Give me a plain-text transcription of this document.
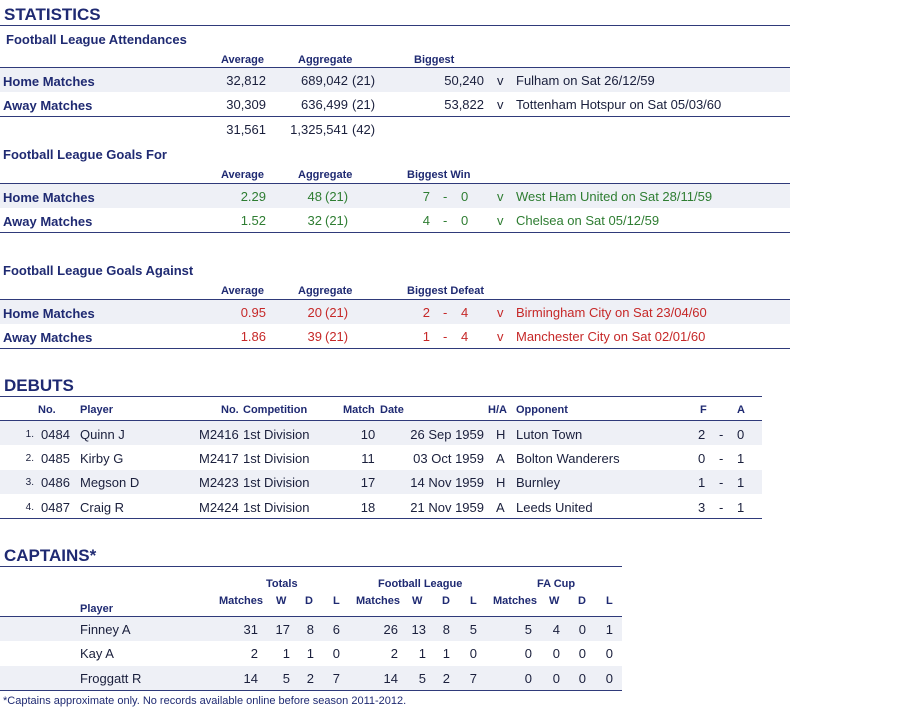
STATISTICS
Football League Attendances
Average	Aggregate	Biggest
Home Matches	32,812	689,042 (21)	50,240 v Fulham on Sat 26/12/59
Away Matches	30,309	636,499 (21)	53,822 v Tottenham Hotspur on Sat 05/03/60
31,561	1,325,541 (42)
Football League Goals For
Average	Aggregate	Biggest Win
Home Matches	2.29	48 (21)	7 - 0 v West Ham United on Sat 28/11/59
Away Matches	1.52	32 (21)	4 - 0 v Chelsea on Sat 05/12/59
Football League Goals Against
Average	Aggregate	Biggest Defeat
Home Matches	0.95	20 (21)	2 - 4 v Birmingham City on Sat 23/04/60
Away Matches	1.86	39 (21)	1 - 4 v Manchester City on Sat 02/01/60
DEBUTS
No. Player	No. Competition	Match Date	H/A Opponent	F	A
1. 0484 Quinn J	M2416 1st Division	10	26 Sep 1959 H Luton Town	2 - 0
2. 0485 Kirby G	M2417 1st Division	11	03 Oct 1959 A Bolton Wanderers	0 - 1
3. 0486 Megson D	M2423 1st Division	17	14 Nov 1959 H Burnley	1 - 1
4. 0487 Craig R	M2424 1st Division	18	21 Nov 1959 A Leeds United	3 - 1
CAPTAINS*
Totals	Football League	FA Cup
Player
Matches W D L Matches W D L Matches W D L
Finney A	31	17	8	6	26	13	8	5	5	4	0	1
Kay A	2	1	1	0	2	1	1	0	0	0	0	0
Froggatt R	14	5	2	7	14	5	2	7	0	0	0	0
*Captains approximate only. No records available online before season 2011-2012.
